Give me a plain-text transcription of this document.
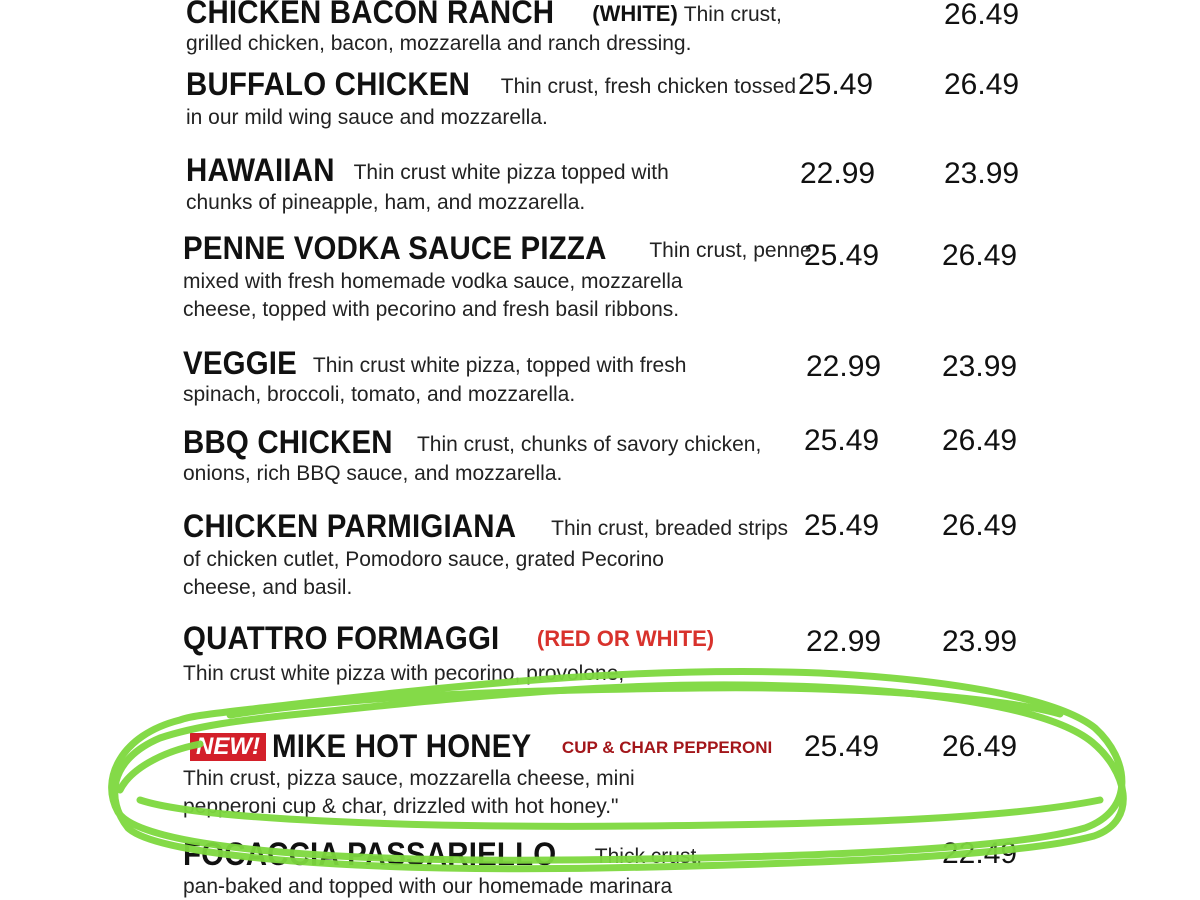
CHICKEN BACON RANCH (WHITE) Thin crust,
grilled chicken, bacon, mozzarella and ranch dressing.
26.49
BUFFALO CHICKEN Thin crust, fresh chicken tossed
in our mild wing sauce and mozzarella.
25.49 26.49
HAWAIIAN Thin crust white pizza topped with
chunks of pineapple, ham, and mozzarella.
22.99 23.99
PENNE VODKA SAUCE PIZZA Thin crust, penne
mixed with fresh homemade vodka sauce, mozzarella
cheese, topped with pecorino and fresh basil ribbons.
25.49 26.49
VEGGIE Thin crust white pizza, topped with fresh
spinach, broccoli, tomato, and mozzarella.
22.99 23.99
BBQ CHICKEN Thin crust, chunks of savory chicken,
onions, rich BBQ sauce, and mozzarella.
25.49 26.49
CHICKEN PARMIGIANA Thin crust, breaded strips
of chicken cutlet, Pomodoro sauce, grated Pecorino
cheese, and basil.
25.49 26.49
QUATTRO FORMAGGI (RED OR WHITE)
Thin crust white pizza with pecorino, provolone,
22.99 23.99
NEW! MIKE HOT HONEY CUP & CHAR PEPPERONI
Thin crust, pizza sauce, mozzarella cheese, mini
pepperoni cup & char, drizzled with hot honey."
25.49 26.49
FOCACCIA PASSARIELLO Thick crust,
pan-baked and topped with our homemade marinara
22.49
